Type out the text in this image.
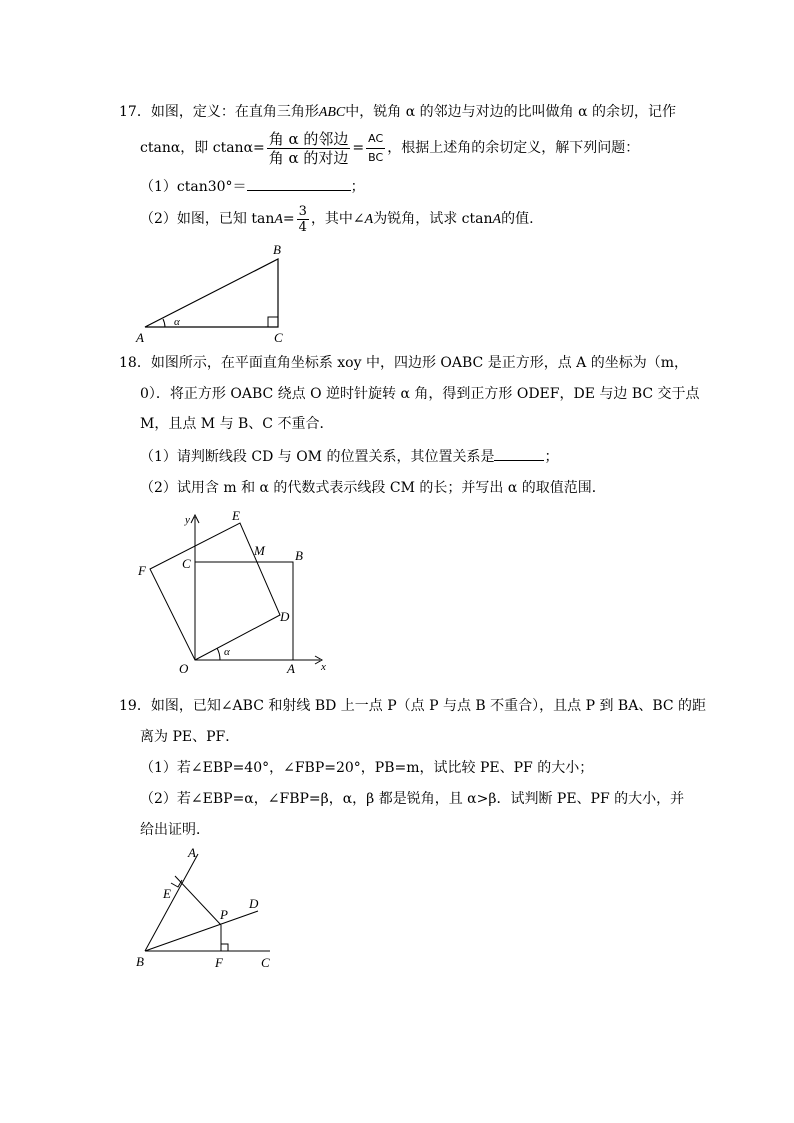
17．如图，定义：在直角三角形ABC中，锐角 α 的邻边与对边的比叫做角 α 的余切，记作
ctanα，即 $ctan\alpha= \frac{\text{角 α 的邻边}}{\text{角 α 的对边}} = \frac{AC}{BC}$ ，根据上述角的余切定义，解下列问题：
（1）ctan30°＝	；
（2）如图，已知 $\tan A= \frac{3}{4}$ ，其中∠A为锐角，试求 ctanA的值.
A
B
C
α
18．如图所示，在平面直角坐标系 xoy 中，四边形 OABC 是正方形，点 A 的坐标为（m，
0）．将正方形 OABC 绕点 O 逆时针旋转 α 角，得到正方形 ODEF，DE 与边 BC 交于点
M，且点 M 与 B、C 不重合．
（1）请判断线段 CD 与 OM 的位置关系，其位置关系是	；
（2）试用含 m 和 α 的代数式表示线段 CM 的长；并写出 α 的取值范围．
y
x
E
M B
C
F
D
O	A
α
19．如图，已知∠ABC 和射线 BD 上一点 P（点 P 与点 B 不重合），且点 P 到 BA、BC 的距
离为 PE、PF．
（1）若∠EBP=40°，∠FBP=20°，PB=m，试比较 PE、PF 的大小；
（2）若∠EBP=α，∠FBP=β，α，β 都是锐角，且 α>β．试判断 PE、PF 的大小，并
给出证明．
A
E
P
D
B	F	C
